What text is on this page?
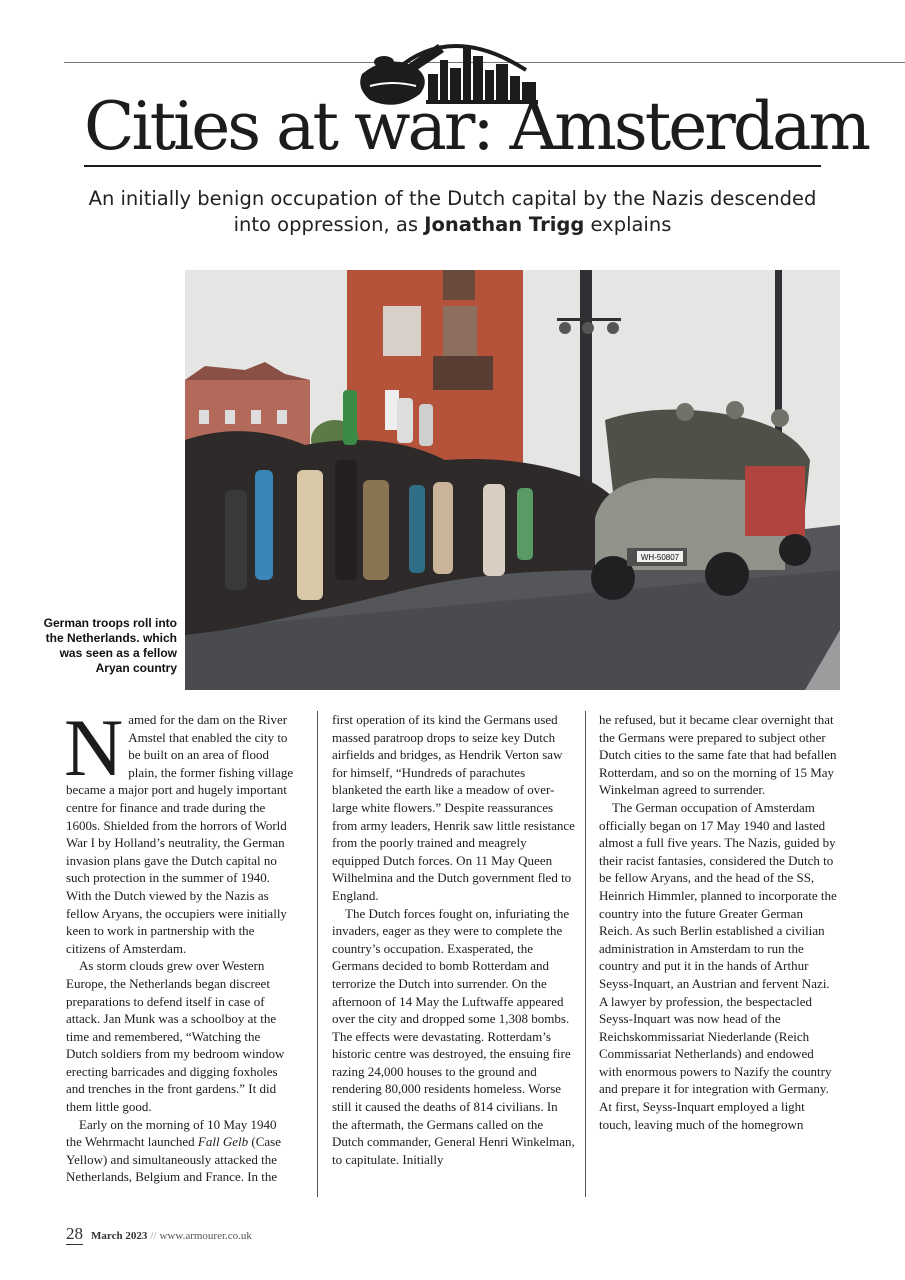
Cities at war: Amsterdam
An initially benign occupation of the Dutch capital by the Nazis descended into oppression, as Jonathan Trigg explains
WH-50807
German troops roll into the Netherlands. which was seen as a fellow Aryan country
N amed for the dam on the River Amstel that enabled the city to be built on an area of flood plain, the former fishing village became a major port and hugely important centre for finance and trade during the 1600s. Shielded from the horrors of World War I by Holland’s neutrality, the German invasion plans gave the Dutch capital no such protection in the summer of 1940. With the Dutch viewed by the Nazis as fellow Aryans, the occupiers were initially keen to work in partnership with the citizens of Amsterdam.

As storm clouds grew over Western Europe, the Netherlands began discreet preparations to defend itself in case of attack. Jan Munk was a schoolboy at the time and remembered, “Watching the Dutch soldiers from my bedroom window erecting barricades and digging foxholes and trenches in the front gardens.” It did them little good.

Early on the morning of 10 May 1940 the Wehrmacht launched Fall Gelb (Case Yellow) and simultaneously attacked the Netherlands, Belgium and France. In the

first operation of its kind the Germans used massed paratroop drops to seize key Dutch airfields and bridges, as Hendrik Verton saw for himself, “Hundreds of parachutes blanketed the earth like a meadow of over-large white flowers.” Despite reassurances from army leaders, Henrik saw little resistance from the poorly trained and meagrely equipped Dutch forces. On 11 May Queen Wilhelmina and the Dutch government fled to England.

The Dutch forces fought on, infuriating the invaders, eager as they were to complete the country’s occupation. Exasperated, the Germans decided to bomb Rotterdam and terrorize the Dutch into surrender. On the afternoon of 14 May the Luftwaffe appeared over the city and dropped some 1,308 bombs. The effects were devastating. Rotterdam’s historic centre was destroyed, the ensuing fire razing 24,000 houses to the ground and rendering 80,000 residents homeless. Worse still it caused the deaths of 814 civilians. In the aftermath, the Germans called on the Dutch commander, General Henri Winkelman, to capitulate. Initially

he refused, but it became clear overnight that the Germans were prepared to subject other Dutch cities to the same fate that had befallen Rotterdam, and so on the morning of 15 May Winkelman agreed to surrender.

The German occupation of Amsterdam officially began on 17 May 1940 and lasted almost a full five years. The Nazis, guided by their racist fantasies, considered the Dutch to be fellow Aryans, and the head of the SS, Heinrich Himmler, planned to incorporate the country into the future Greater German Reich. As such Berlin established a civilian administration in Amsterdam to run the country and put it in the hands of Arthur Seyss-Inquart, an Austrian and fervent Nazi. A lawyer by profession, the bespectacled Seyss-Inquart was now head of the Reichskommissariat Niederlande (Reich Commissariat Netherlands) and endowed with enormous powers to Nazify the country and prepare it for integration with Germany. At first, Seyss-Inquart employed a light touch, leaving much of the homegrown

28 March 2023 // www.armourer.co.uk
